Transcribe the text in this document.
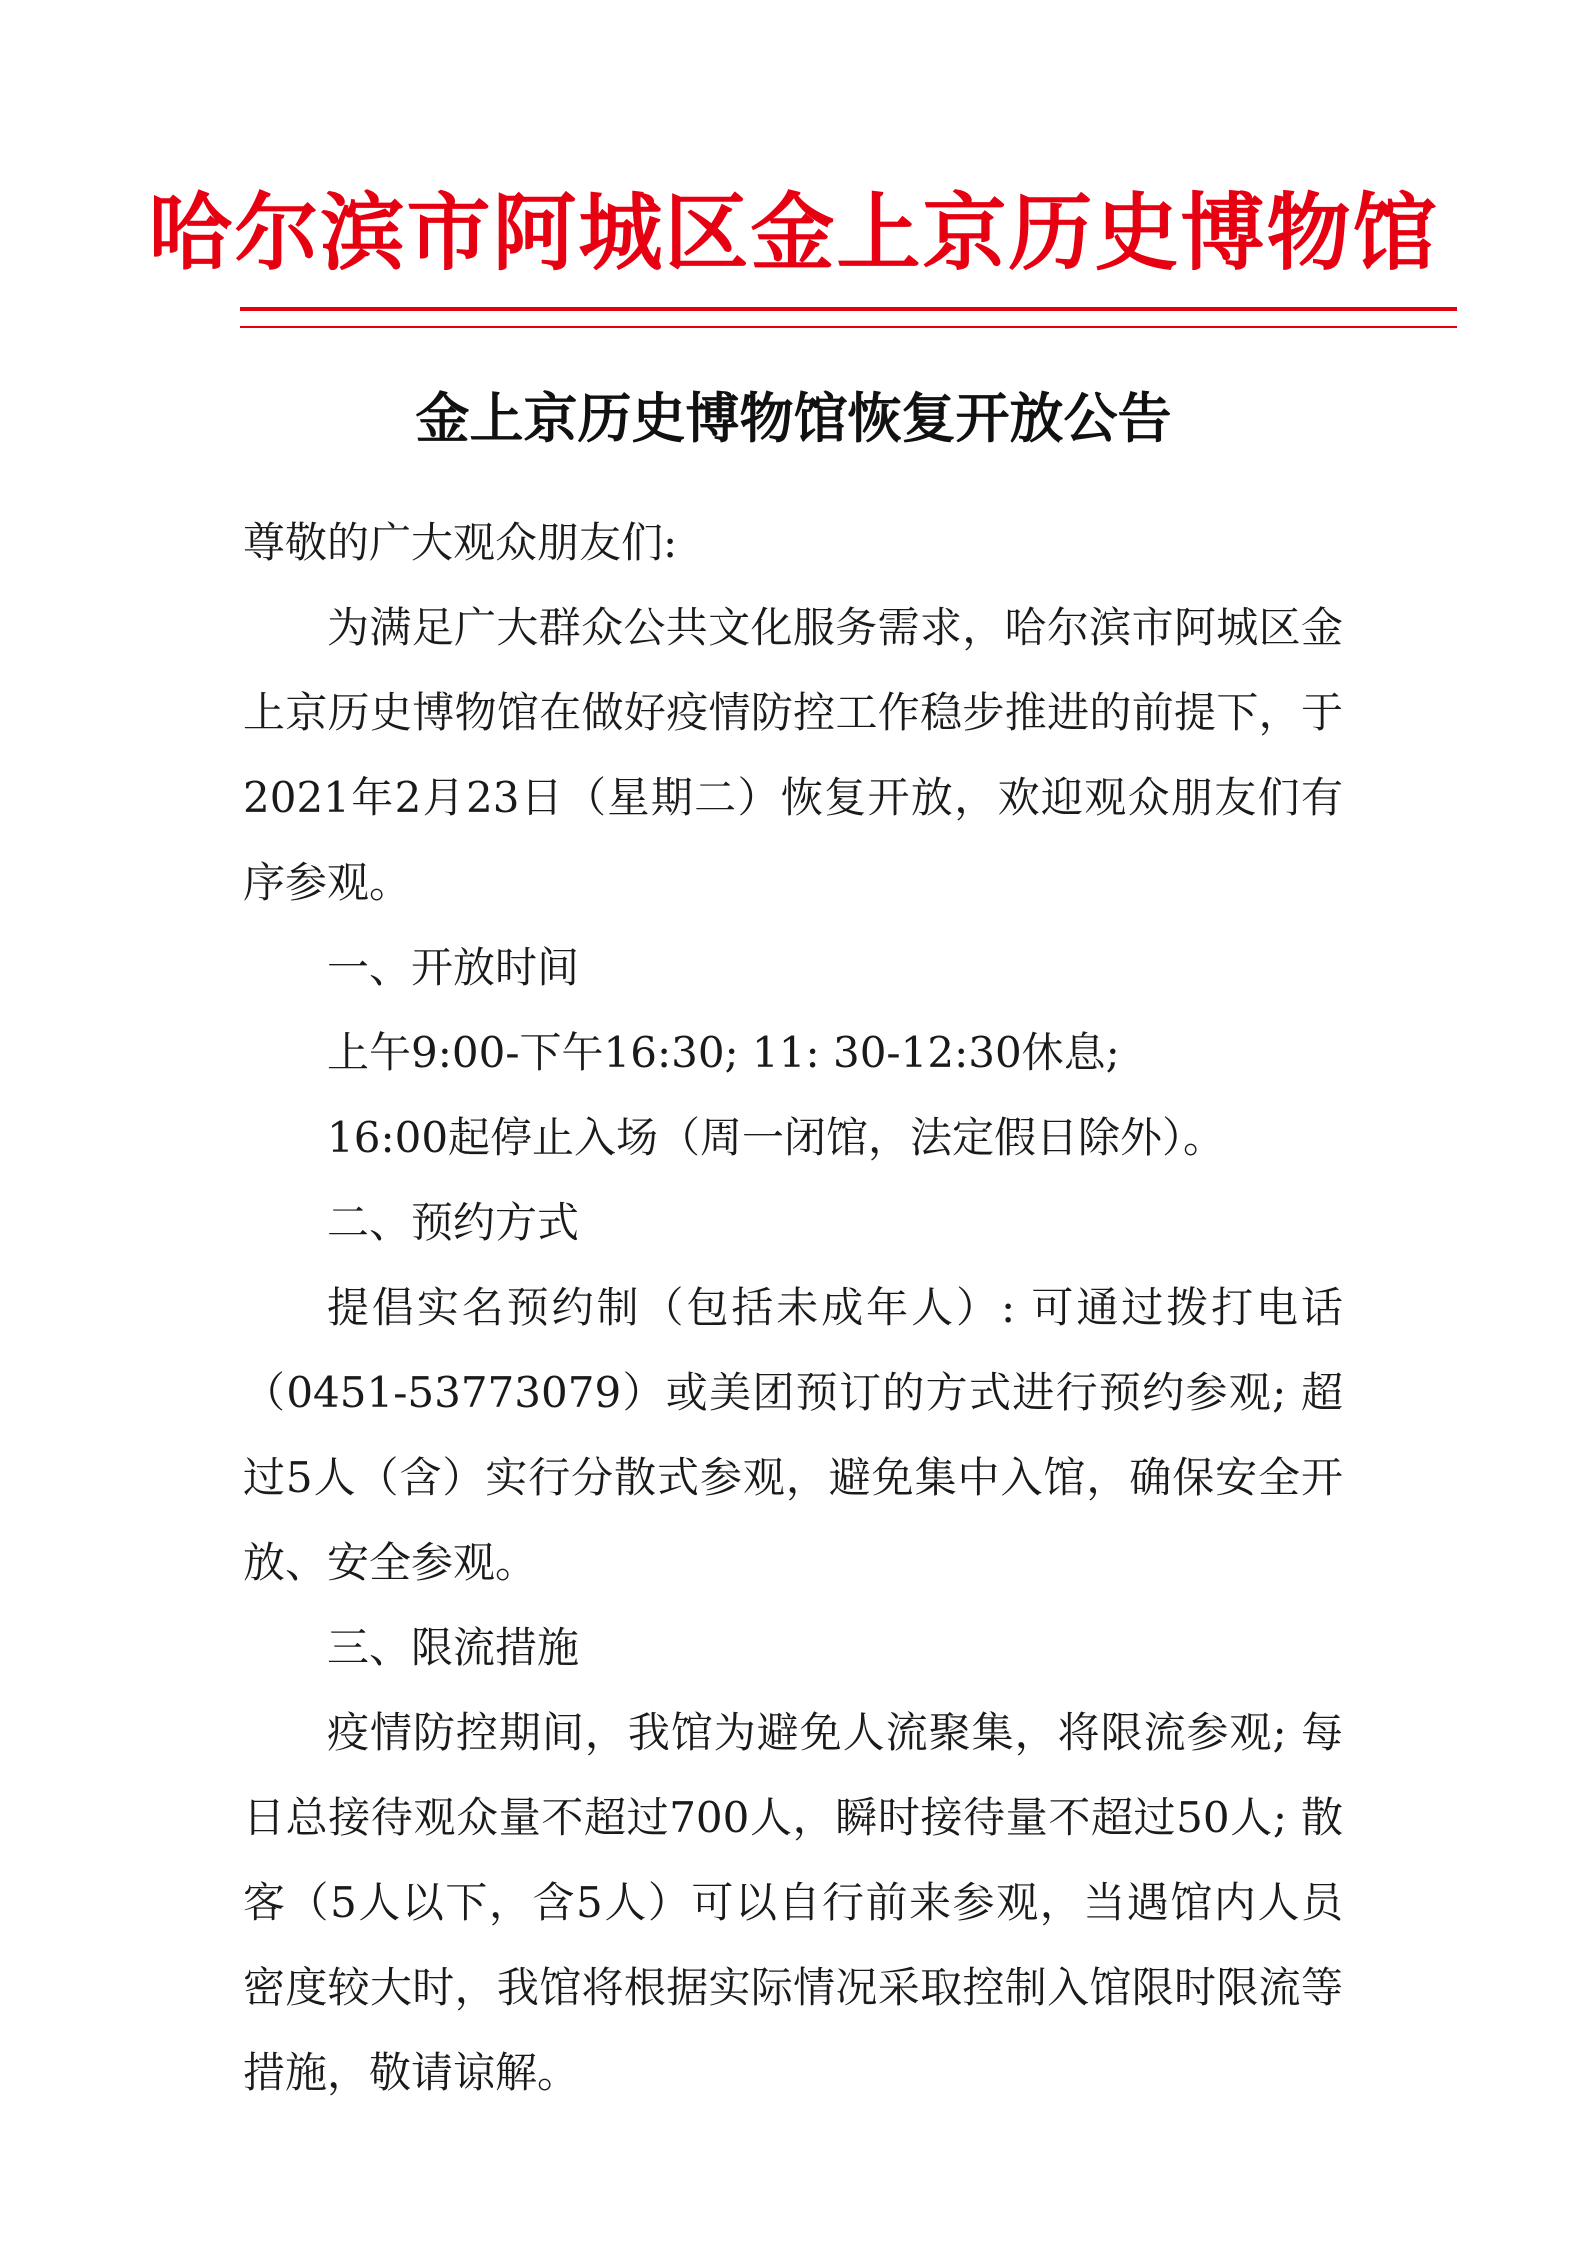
哈尔滨市阿城区金上京历史博物馆
金上京历史博物馆恢复开放公告

尊敬的广大观众朋友们:

为满足广大群众公共文化服务需求，哈尔滨市阿城区金上京历史博物馆在做好疫情防控工作稳步推进的前提下，于2021年2月23日（星期二）恢复开放，欢迎观众朋友们有序参观。

一、开放时间

上午9:00-下午16:30; 11: 30-12:30休息;

16:00起停止入场（周一闭馆，法定假日除外）。

二、预约方式

提倡实名预约制（包括未成年人）: 可通过拨打电话（0451-53773079）或美团预订的方式进行预约参观; 超过5人（含）实行分散式参观，避免集中入馆，确保安全开放、安全参观。

三、限流措施

疫情防控期间，我馆为避免人流聚集，将限流参观; 每日总接待观众量不超过700人，瞬时接待量不超过50人; 散客（5人以下，含5人）可以自行前来参观，当遇馆内人员密度较大时，我馆将根据实际情况采取控制入馆限时限流等措施，敬请谅解。
